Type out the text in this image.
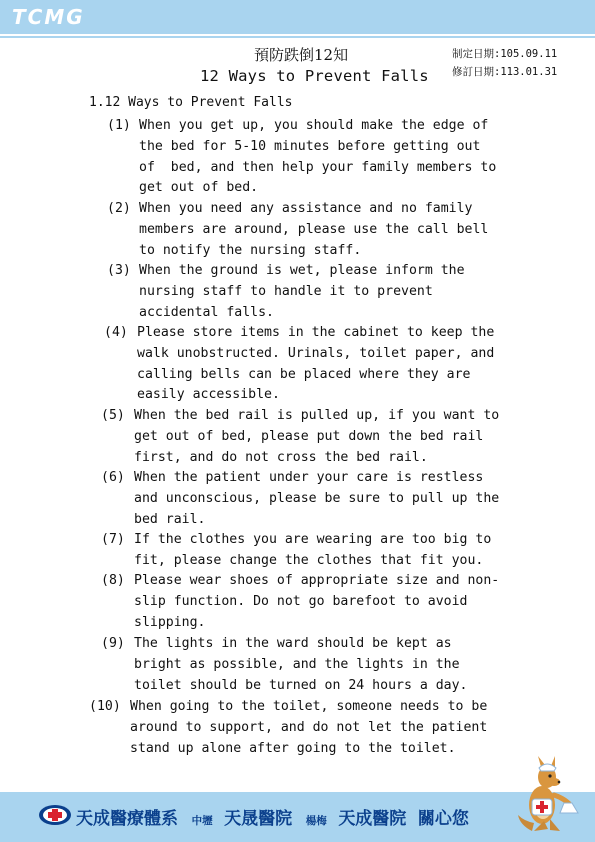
TCMG
預防跌倒12知
12 Ways to Prevent Falls
制定日期:105.09.11
修訂日期:113.01.31
1.12 Ways to Prevent Falls
(1) When you get up, you should make the edge of
the bed for 5-10 minutes before getting out
of  bed, and then help your family members to
get out of bed.
(2) When you need any assistance and no family
members are around, please use the call bell
to notify the nursing staff.
(3) When the ground is wet, please inform the
nursing staff to handle it to prevent
accidental falls.
(4) Please store items in the cabinet to keep the
walk unobstructed. Urinals, toilet paper, and
calling bells can be placed where they are
easily accessible.
(5) When the bed rail is pulled up, if you want to
get out of bed, please put down the bed rail
first, and do not cross the bed rail.
(6) When the patient under your care is restless
and unconscious, please be sure to pull up the
bed rail.
(7) If the clothes you are wearing are too big to
fit, please change the clothes that fit you.
(8) Please wear shoes of appropriate size and non-
slip function. Do not go barefoot to avoid
slipping.
(9) The lights in the ward should be kept as
bright as possible, and the lights in the
toilet should be turned on 24 hours a day.
(10) When going to the toilet, someone needs to be
around to support, and do not let the patient
stand up alone after going to the toilet.
天成醫療體系 中壢 天晟醫院 楊梅 天成醫院 關心您
